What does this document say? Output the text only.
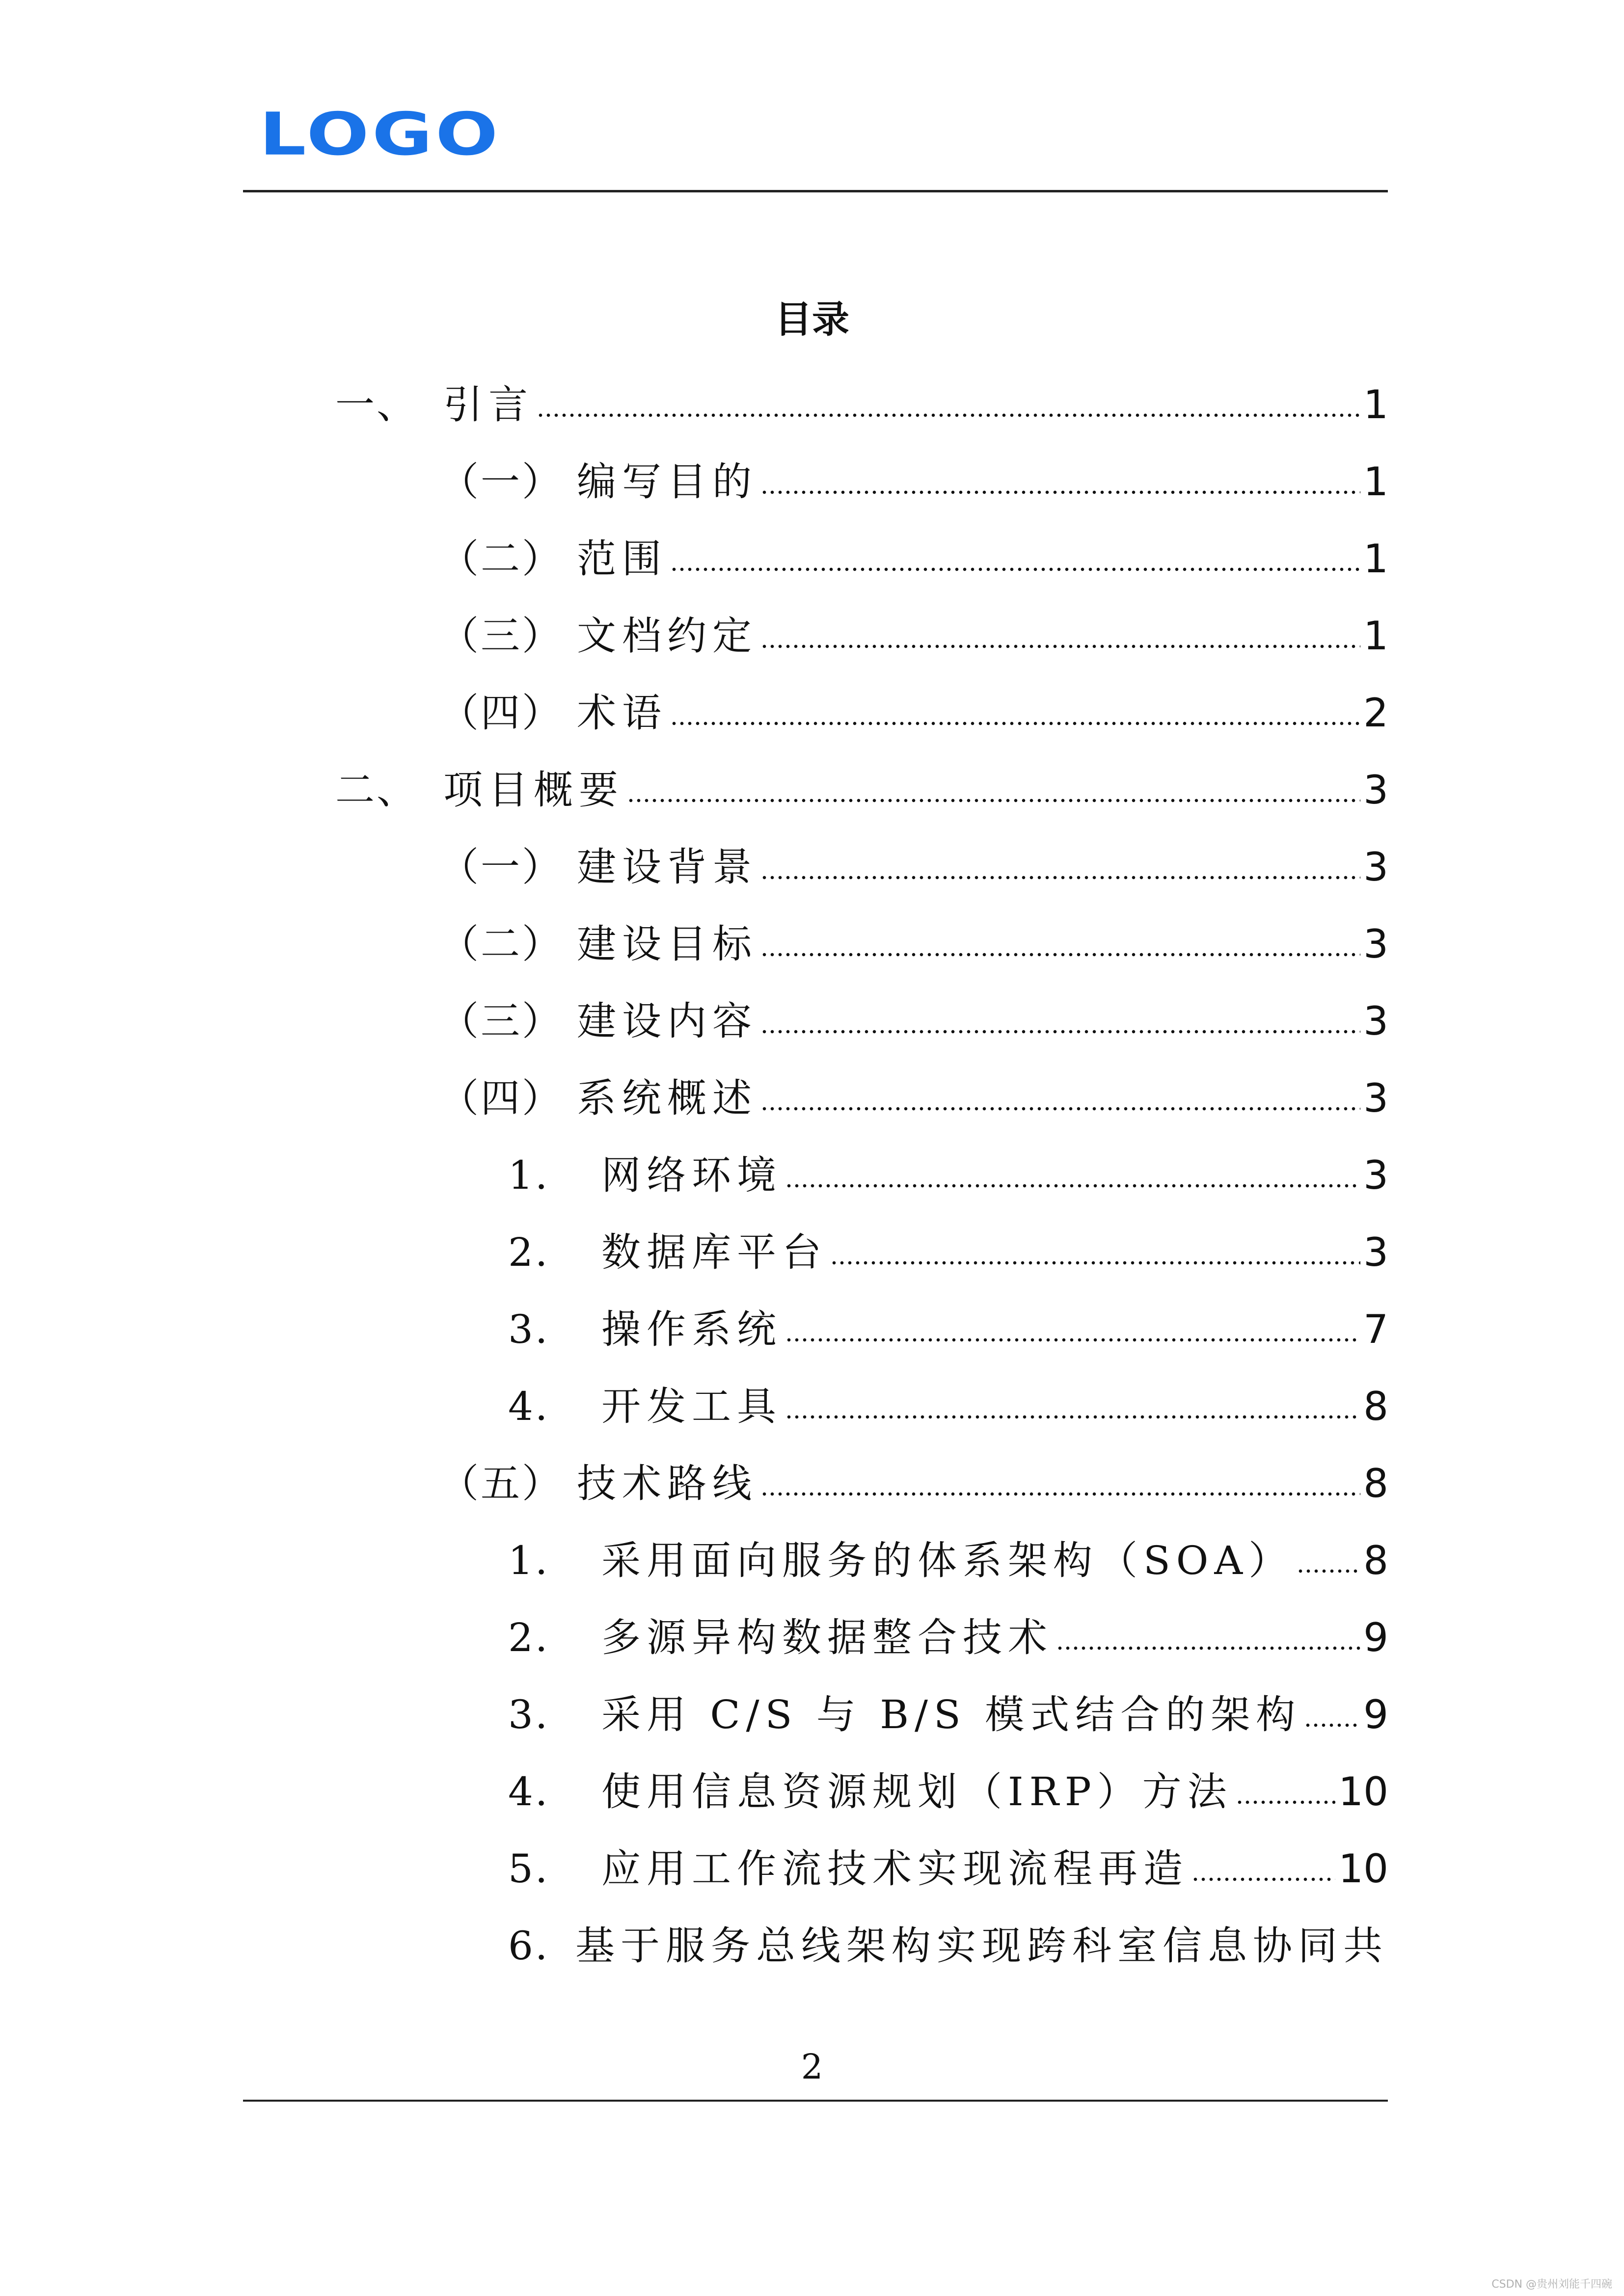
LOGO
目录
一、 引言	1
（一） 编写目的	1
（二） 范围	1
（三） 文档约定	1
（四） 术语	2
二、 项目概要	3
（一） 建设背景	3
（二） 建设目标	3
（三） 建设内容	3
（四） 系统概述	3
1.	网络环境	3
2.	数据库平台	3
3.	操作系统	7
4.	开发工具	8
（五） 技术路线	8
1.	采用面向服务的体系架构（SOA） 8
2.	多源异构数据整合技术	9
3.	采用 C/S 与 B/S 模式结合的架构 9
4.	使用信息资源规划（IRP）方法	10
5.	应用工作流技术实现流程再造	10
6. 基于服务总线架构实现跨科室信息协同共
2
CSDN @贵州刘能千四碗
